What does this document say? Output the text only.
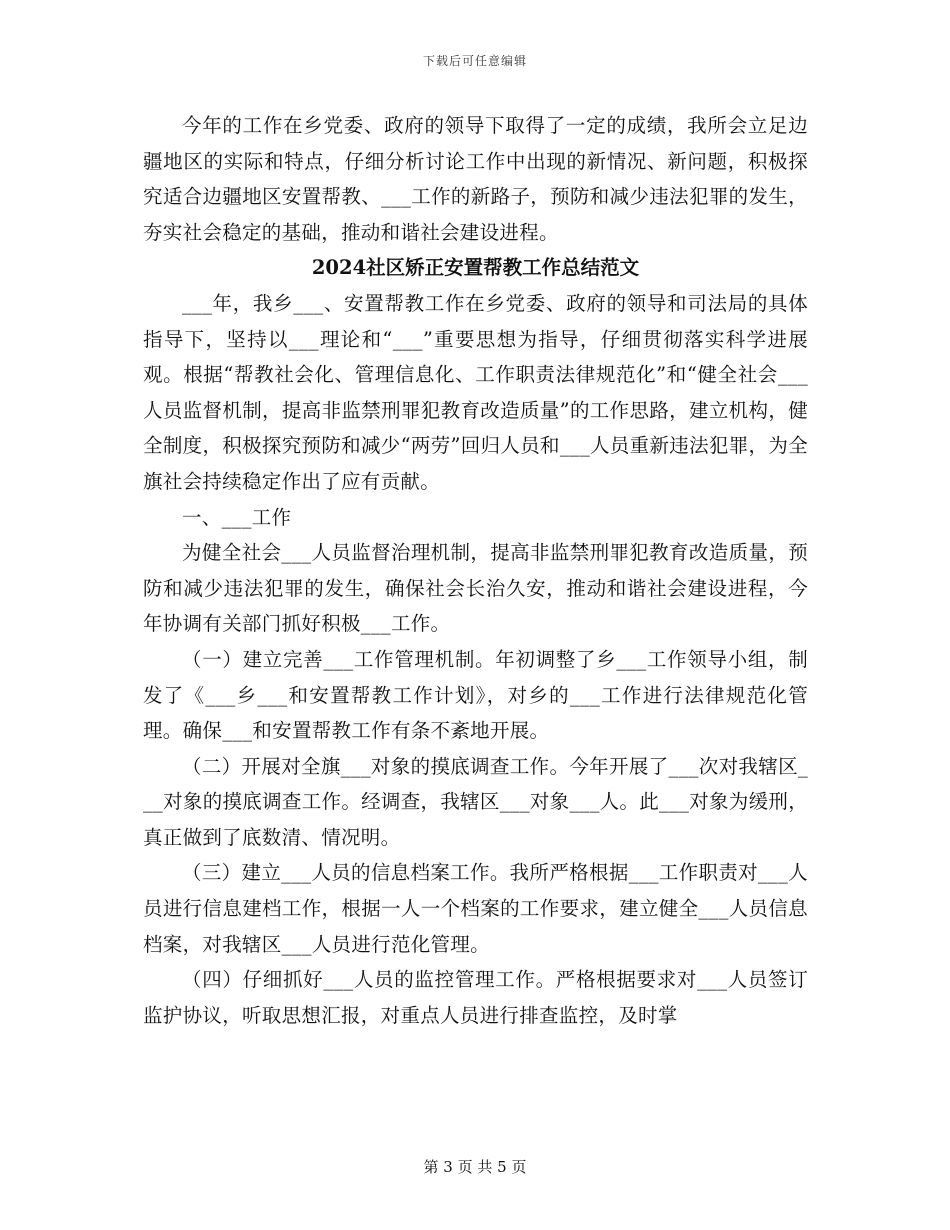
下载后可任意编辑

今年的工作在乡党委、政府的领导下取得了一定的成绩，我所会立足边疆地区的实际和特点，仔细分析讨论工作中出现的新情况、新问题，积极探究适合边疆地区安置帮教、___工作的新路子，预防和减少违法犯罪的发生，夯实社会稳定的基础，推动和谐社会建设进程。

2024社区矫正安置帮教工作总结范文

___年，我乡___、安置帮教工作在乡党委、政府的领导和司法局的具体指导下，坚持以___理论和“___”重要思想为指导，仔细贯彻落实科学进展观。根据“帮教社会化、管理信息化、工作职责法律规范化”和“健全社会___人员监督机制，提高非监禁刑罪犯教育改造质量”的工作思路，建立机构，健全制度，积极探究预防和减少“两劳”回归人员和___人员重新违法犯罪，为全旗社会持续稳定作出了应有贡献。

一、___工作

为健全社会___人员监督治理机制，提高非监禁刑罪犯教育改造质量，预防和减少违法犯罪的发生，确保社会长治久安，推动和谐社会建设进程，今年协调有关部门抓好积极___工作。

（一）建立完善___工作管理机制。年初调整了乡___工作领导小组，制发了《___乡___和安置帮教工作计划》，对乡的___工作进行法律规范化管理。确保___和安置帮教工作有条不紊地开展。

（二）开展对全旗___对象的摸底调查工作。今年开展了___次对我辖区___对象的摸底调查工作。经调查，我辖区___对象___人。此___对象为缓刑，真正做到了底数清、情况明。

（三）建立___人员的信息档案工作。我所严格根据___工作职责对___人员进行信息建档工作，根据一人一个档案的工作要求，建立健全___人员信息档案，对我辖区___人员进行范化管理。

（四）仔细抓好___人员的监控管理工作。严格根据要求对___人员签订监护协议，听取思想汇报，对重点人员进行排查监控，及时掌

第 3 页 共 5 页
